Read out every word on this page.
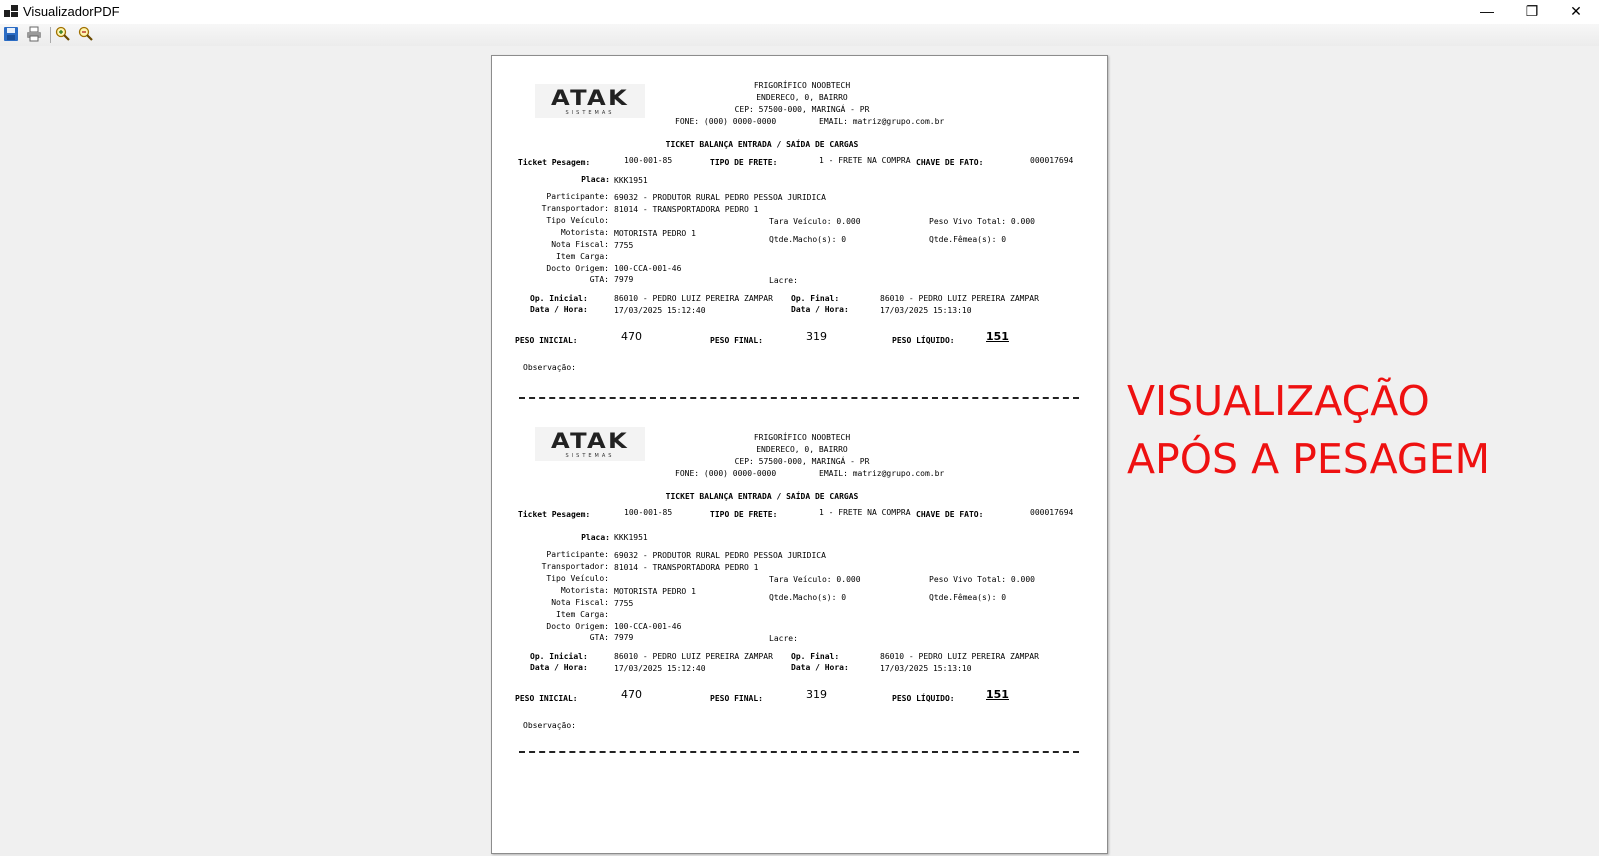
VisualizadorPDF	—	❐	✕
ATAK
SISTEMAS
FRIGORÍFICO NOOBTECH
ENDERECO, 0, BAIRRO
CEP: 57500-000, MARINGÁ - PR
FONE: (000) 0000-0000	EMAIL: matriz@grupo.com.br
TICKET BALANÇA ENTRADA / SAÍDA DE CARGAS
Ticket Pesagem:	100-001-85	TIPO DE FRETE:	1 - FRETE NA COMPRA CHAVE DE FATO:	000017694
Placa: KKK1951
Participante: 69032 - PRODUTOR RURAL PEDRO PESSOA JURIDICA
Transportador: 81014 - TRANSPORTADORA PEDRO 1
Tipo Veículo:	Tara Veículo: 0.000	Peso Vivo Total: 0.000
Motorista: MOTORISTA PEDRO 1
Qtde.Macho(s): 0	Qtde.Fêmea(s): 0
Nota Fiscal: 7755
Item Carga:
Docto Origem: 100-CCA-001-46
GTA: 7979	Lacre:
Op. Inicial:	86010 - PEDRO LUIZ PEREIRA ZAMPAR Op. Final:	86010 - PEDRO LUIZ PEREIRA ZAMPAR
Data / Hora:	17/03/2025 15:12:40	Data / Hora:	17/03/2025 15:13:10
PESO INICIAL:	470	PESO FINAL:	319	PESO LÍQUIDO:	151
Observação:
ATAK
SISTEMAS
FRIGORÍFICO NOOBTECH
ENDERECO, 0, BAIRRO
CEP: 57500-000, MARINGÁ - PR
FONE: (000) 0000-0000	EMAIL: matriz@grupo.com.br
TICKET BALANÇA ENTRADA / SAÍDA DE CARGAS
Ticket Pesagem:	100-001-85	TIPO DE FRETE:	1 - FRETE NA COMPRA CHAVE DE FATO:	000017694
Placa: KKK1951
Participante: 69032 - PRODUTOR RURAL PEDRO PESSOA JURIDICA
Transportador: 81014 - TRANSPORTADORA PEDRO 1
Tipo Veículo:	Tara Veículo: 0.000	Peso Vivo Total: 0.000
Motorista: MOTORISTA PEDRO 1
Qtde.Macho(s): 0	Qtde.Fêmea(s): 0
Nota Fiscal: 7755
Item Carga:
Docto Origem: 100-CCA-001-46
GTA: 7979	Lacre:
Op. Inicial:	86010 - PEDRO LUIZ PEREIRA ZAMPAR Op. Final:	86010 - PEDRO LUIZ PEREIRA ZAMPAR
Data / Hora:	17/03/2025 15:12:40	Data / Hora:	17/03/2025 15:13:10
PESO INICIAL:	470	PESO FINAL:	319	PESO LÍQUIDO:	151
Observação:
VISUALIZAÇÃO
APÓS A PESAGEM
